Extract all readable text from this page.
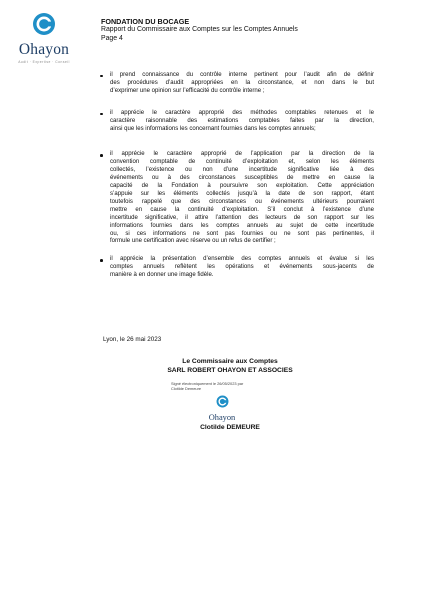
Ohayon
Audit · Expertise · Conseil
FONDATION DU BOCAGE
Rapport du Commissaire aux Comptes sur les Comptes Annuels
Page 4
il prend connaissance du contrôle interne pertinent pour l’audit afin de définir
des procédures d’audit appropriées en la circonstance, et non dans le but
d’exprimer une opinion sur l’efficacité du contrôle interne ;
il apprécie le caractère approprié des méthodes comptables retenues et le
caractère raisonnable des estimations comptables faites par la direction,
ainsi que les informations les concernant fournies dans les comptes annuels;
il apprécie le caractère approprié de l’application par la direction de la
convention comptable de continuité d’exploitation et, selon les éléments
collectés, l’existence ou non d’une incertitude significative liée à des
événements ou à des circonstances susceptibles de mettre en cause la
capacité de la Fondation à poursuivre son exploitation. Cette appréciation
s’appuie sur les éléments collectés jusqu’à la date de son rapport, étant
toutefois rappelé que des circonstances ou événements ultérieurs pourraient
mettre en cause la continuité d’exploitation. S’il conclut à l’existence d’une
incertitude significative, il attire l’attention des lecteurs de son rapport sur les
informations fournies dans les comptes annuels au sujet de cette incertitude
ou, si ces informations ne sont pas fournies ou ne sont pas pertinentes, il
formule une certification avec réserve ou un refus de certifier ;
il apprécie la présentation d’ensemble des comptes annuels et évalue si les
comptes annuels reflètent les opérations et événements sous-jacents de
manière à en donner une image fidèle.
Lyon, le 26 mai 2023
Le Commissaire aux Comptes
SARL ROBERT OHAYON ET ASSOCIES
Signé électroniquement le 26/05/2023 par
Clotilde Demeure
Ohayon
Clotilde DEMEURE
